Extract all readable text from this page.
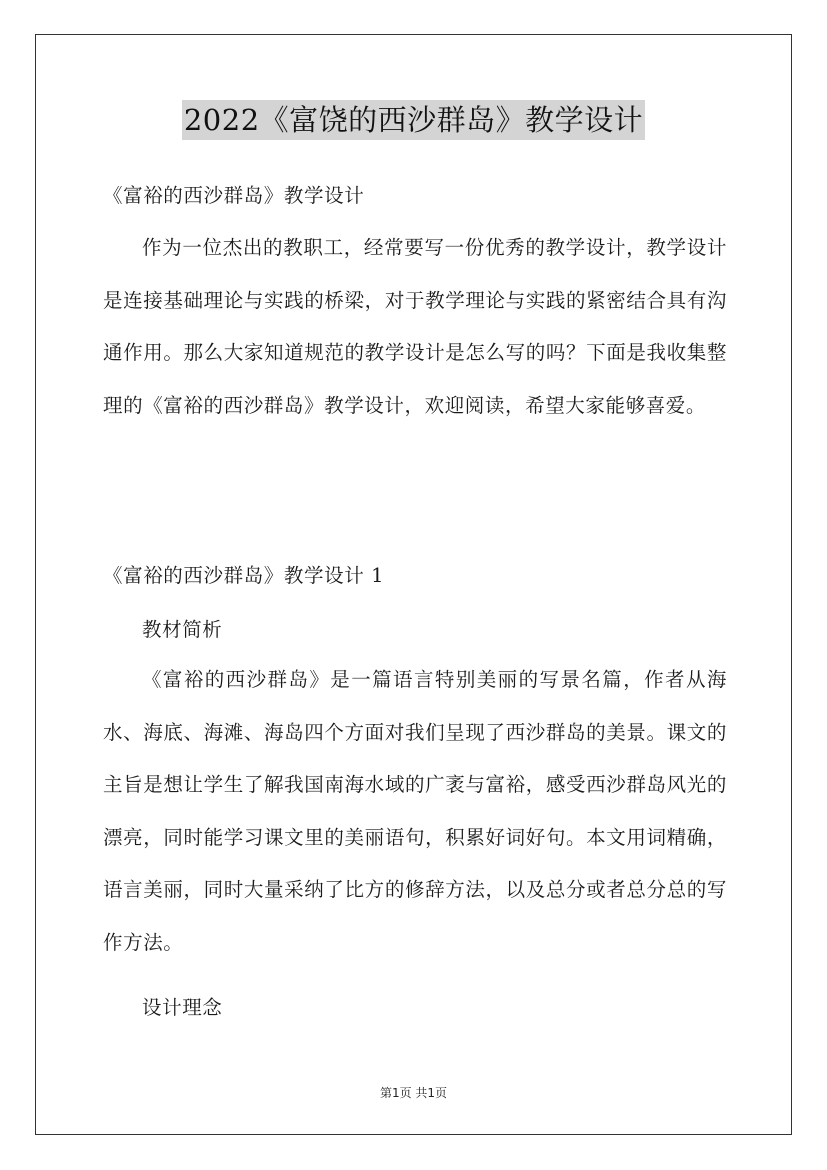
2022《富饶的西沙群岛》教学设计
《富裕的西沙群岛》教学设计
作为一位杰出的教职工，经常要写一份优秀的教学设计，教学设计是连接基础理论与实践的桥梁，对于教学理论与实践的紧密结合具有沟通作用。那么大家知道规范的教学设计是怎么写的吗？下面是我收集整理的《富裕的西沙群岛》教学设计，欢迎阅读，希望大家能够喜爱。
《富裕的西沙群岛》教学设计 1
教材简析
《富裕的西沙群岛》是一篇语言特别美丽的写景名篇，作者从海水、海底、海滩、海岛四个方面对我们呈现了西沙群岛的美景。课文的主旨是想让学生了解我国南海水域的广袤与富裕，感受西沙群岛风光的漂亮，同时能学习课文里的美丽语句，积累好词好句。本文用词精确，语言美丽，同时大量采纳了比方的修辞方法，以及总分或者总分总的写作方法。
设计理念
第1页 共1页
